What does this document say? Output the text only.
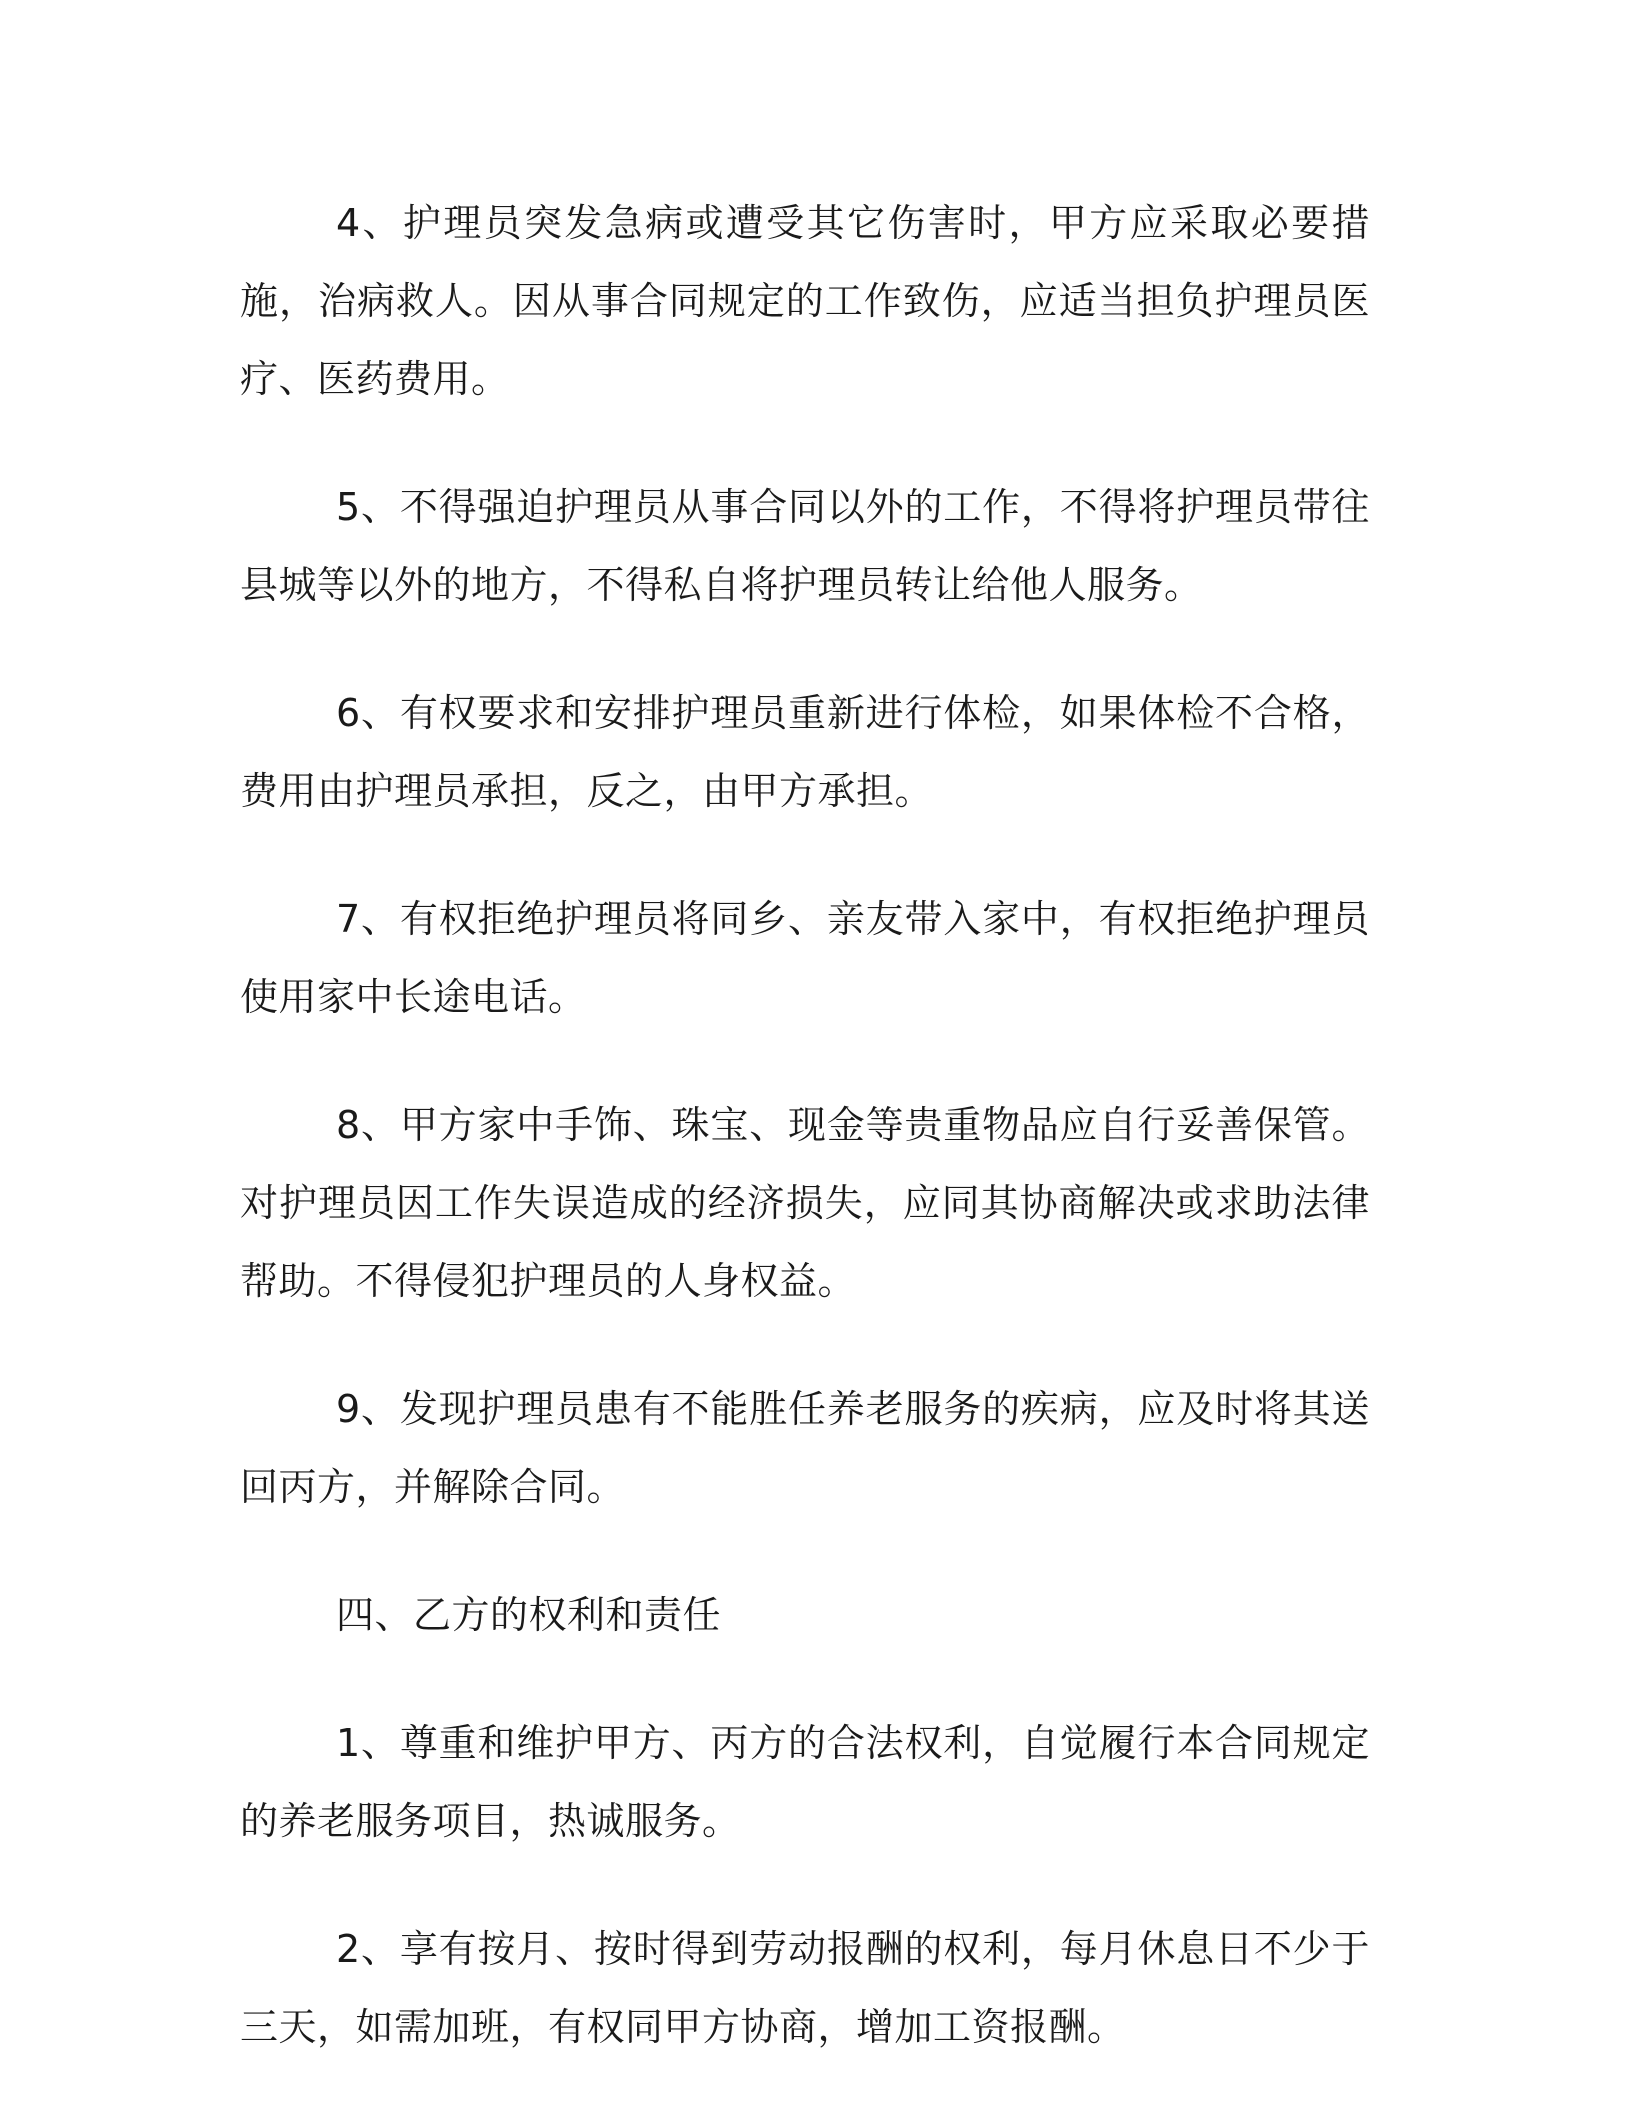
4、护理员突发急病或遭受其它伤害时，甲方应采取必要措施，治病救人。因从事合同规定的工作致伤，应适当担负护理员医疗、医药费用。

5、不得强迫护理员从事合同以外的工作，不得将护理员带往县城等以外的地方，不得私自将护理员转让给他人服务。

6、有权要求和安排护理员重新进行体检，如果体检不合格，费用由护理员承担，反之，由甲方承担。

7、有权拒绝护理员将同乡、亲友带入家中，有权拒绝护理员使用家中长途电话。

8、甲方家中手饰、珠宝、现金等贵重物品应自行妥善保管。对护理员因工作失误造成的经济损失，应同其协商解决或求助法律帮助。不得侵犯护理员的人身权益。

9、发现护理员患有不能胜任养老服务的疾病，应及时将其送回丙方，并解除合同。

四、乙方的权利和责任

1、尊重和维护甲方、丙方的合法权利，自觉履行本合同规定的养老服务项目，热诚服务。

2、享有按月、按时得到劳动报酬的权利，每月休息日不少于三天，如需加班，有权同甲方协商，增加工资报酬。
